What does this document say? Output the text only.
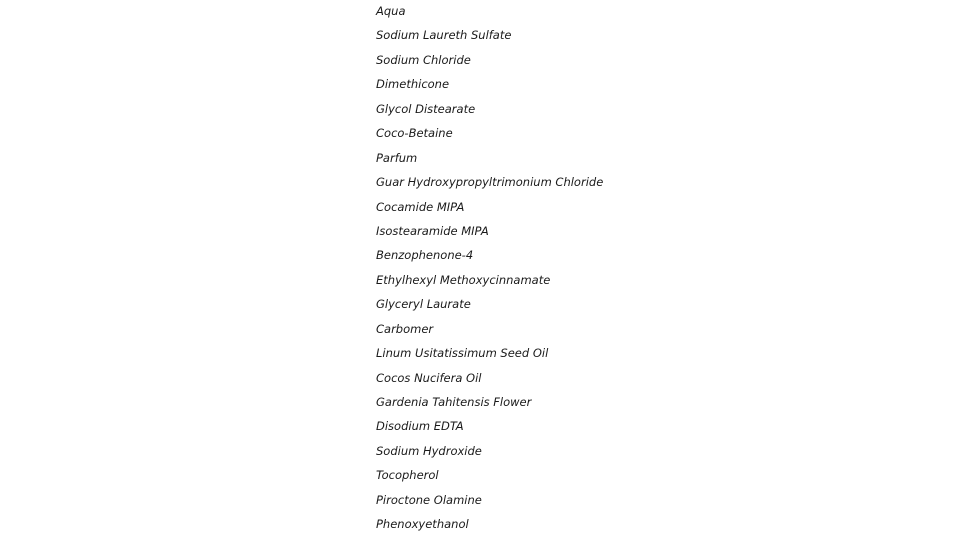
Aqua
Sodium Laureth Sulfate
Sodium Chloride
Dimethicone
Glycol Distearate
Coco-Betaine
Parfum
Guar Hydroxypropyltrimonium Chloride
Cocamide MIPA
Isostearamide MIPA
Benzophenone-4
Ethylhexyl Methoxycinnamate
Glyceryl Laurate
Carbomer
Linum Usitatissimum Seed Oil
Cocos Nucifera Oil
Gardenia Tahitensis Flower
Disodium EDTA
Sodium Hydroxide
Tocopherol
Piroctone Olamine
Phenoxyethanol
